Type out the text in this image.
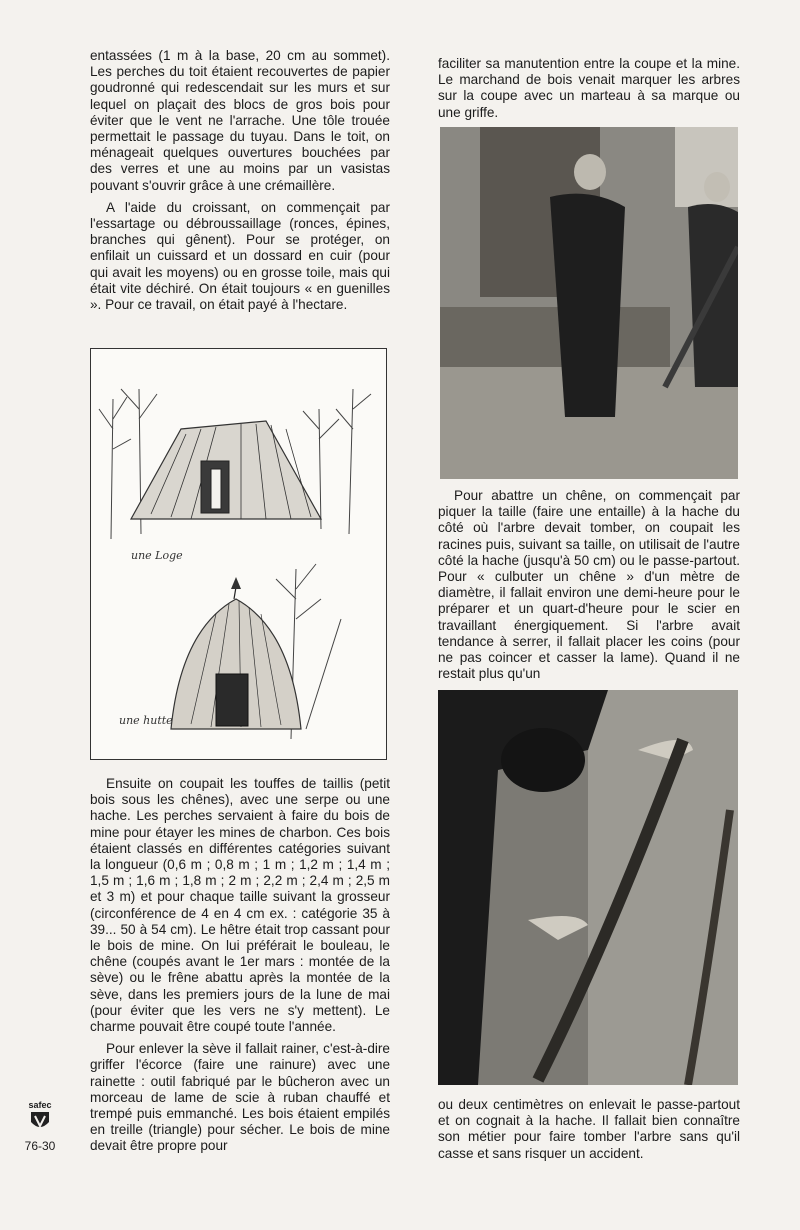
entassées (1 m à la base, 20 cm au sommet). Les perches du toit étaient recouvertes de papier goudronné qui redescendait sur les murs et sur lequel on plaçait des blocs de gros bois pour éviter que le vent ne l'arrache. Une tôle trouée permettait le passage du tuyau. Dans le toit, on ménageait quelques ouvertures bouchées par des verres et une au moins par un vasistas pouvant s'ouvrir grâce à une crémaillère.

A l'aide du croissant, on commençait par l'essartage ou débroussaillage (ronces, épines, branches qui gênent). Pour se protéger, on enfilait un cuissard et un dossard en cuir (pour qui avait les moyens) ou en grosse toile, mais qui était vite déchiré. On était toujours « en guenilles ». Pour ce travail, on était payé à l'hectare.

une Loge
une hutte

Ensuite on coupait les touffes de taillis (petit bois sous les chênes), avec une serpe ou une hache. Les perches servaient à faire du bois de mine pour étayer les mines de charbon. Ces bois étaient classés en différentes catégories suivant la longueur (0,6 m ; 0,8 m ; 1 m ; 1,2 m ; 1,4 m ; 1,5 m ; 1,6 m ; 1,8 m ; 2 m ; 2,2 m ; 2,4 m ; 2,5 m et 3 m) et pour chaque taille suivant la grosseur (circonférence de 4 en 4 cm ex. : catégorie 35 à 39... 50 à 54 cm). Le hêtre était trop cassant pour le bois de mine. On lui préférait le bouleau, le chêne (coupés avant le 1er mars : montée de la sève) ou le frêne abattu après la montée de la sève, dans les premiers jours de la lune de mai (pour éviter que les vers ne s'y mettent). Le charme pouvait être coupé toute l'année.

Pour enlever la sève il fallait rainer, c'est-à-dire griffer l'écorce (faire une rainure) avec une rainette : outil fabriqué par le bûcheron avec un morceau de lame de scie à ruban chauffé et trempé puis emmanché. Les bois étaient empilés en treille (triangle) pour sécher. Le bois de mine devait être propre pour

faciliter sa manutention entre la coupe et la mine. Le marchand de bois venait marquer les arbres sur la coupe avec un marteau à sa marque ou une griffe.

Pour abattre un chêne, on commençait par piquer la taille (faire une entaille) à la hache du côté où l'arbre devait tomber, on coupait les racines puis, suivant sa taille, on utilisait de l'autre côté la hache (jusqu'à 50 cm) ou le passe-partout. Pour « culbuter un chêne » d'un mètre de diamètre, il fallait environ une demi-heure pour le préparer et un quart-d'heure pour le scier en travaillant énergiquement. Si l'arbre avait tendance à serrer, il fallait placer les coins (pour ne pas coincer et casser la lame). Quand il ne restait plus qu'un

ou deux centimètres on enlevait le passe-partout et on cognait à la hache. Il fallait bien connaître son métier pour faire tomber l'arbre sans qu'il casse et sans risquer un accident.

safec
76-30
